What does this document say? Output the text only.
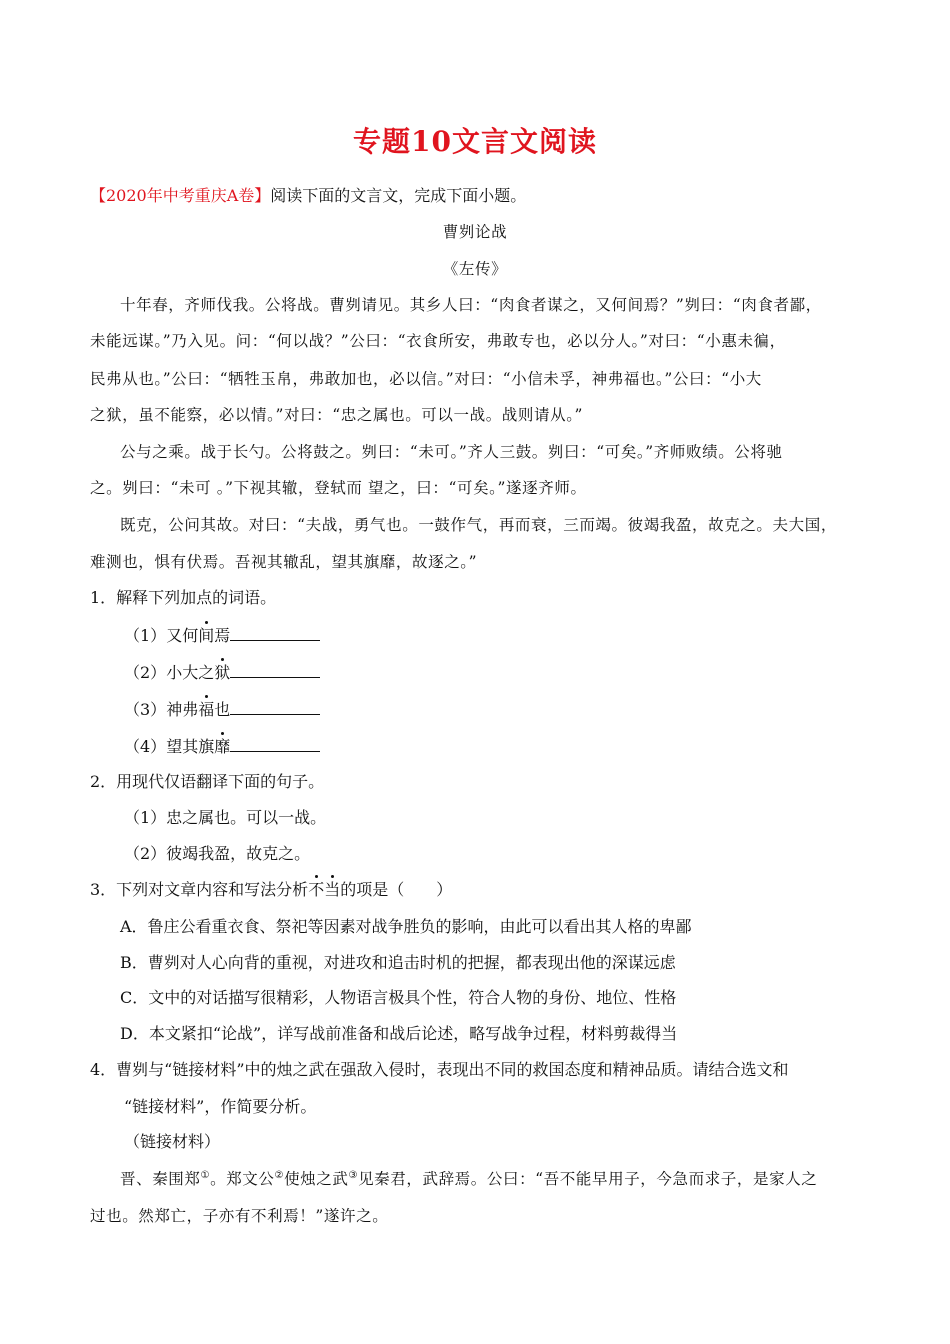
专题10文言文阅读
【2020年中考重庆A卷】阅读下面的文言文，完成下面小题。
曹刿论战
《左传》
十年春，齐师伐我。公将战。曹刿请见。其乡人曰：“肉食者谋之，又何间焉？”刿曰：“肉食者鄙，
未能远谋。”乃入见。问：“何以战？”公曰：“衣食所安，弗敢专也，必以分人。”对曰：“小惠未徧，
民弗从也。”公曰：“牺牲玉帛，弗敢加也，必以信。”对曰：“小信未孚，神弗福也。”公曰：“小大
之狱，虽不能察，必以情。”对曰：“忠之属也。可以一战。战则请从。”
公与之乘。战于长勺。公将鼓之。刿曰：“未可。”齐人三鼓。刿曰：“可矣。”齐师败绩。公将驰
之。刿曰：“未可 。”下视其辙，登轼而 望之，曰：“可矣。”遂逐齐师。
既克，公问其故。对曰：“夫战，勇气也。一鼓作气，再而衰，三而竭。彼竭我盈，故克之。夫大国，
难测也，惧有伏焉。吾视其辙乱，望其旗靡，故逐之。”
1．解释下列加点的词语。
（1）又何间焉
（2）小大之狱
（3）神弗福也
（4）望其旗靡
2．用现代仅语翻译下面的句子。
（1）忠之属也。可以一战。
（2）彼竭我盈，故克之。
3．下列对文章内容和写法分析不当的项是（　　）
A．鲁庄公看重衣食、祭祀等因素对战争胜负的影响，由此可以看出其人格的卑鄙
B．曹刿对人心向背的重视，对进攻和追击时机的把握，都表现出他的深谋远虑
C．文中的对话描写很精彩，人物语言极具个性，符合人物的身份、地位、性格
D．本文紧扣“论战”，详写战前准备和战后论述，略写战争过程，材料剪裁得当
4．曹刿与“链接材料”中的烛之武在强敌入侵时，表现出不同的救国态度和精神品质。请结合选文和
“链接材料”，作简要分析。
（链接材料）
晋、秦围郑①。郑文公②使烛之武③见秦君，武辞焉。公曰：“吾不能早用子，今急而求子，是家人之
过也。然郑亡，子亦有不利焉！”遂许之。
